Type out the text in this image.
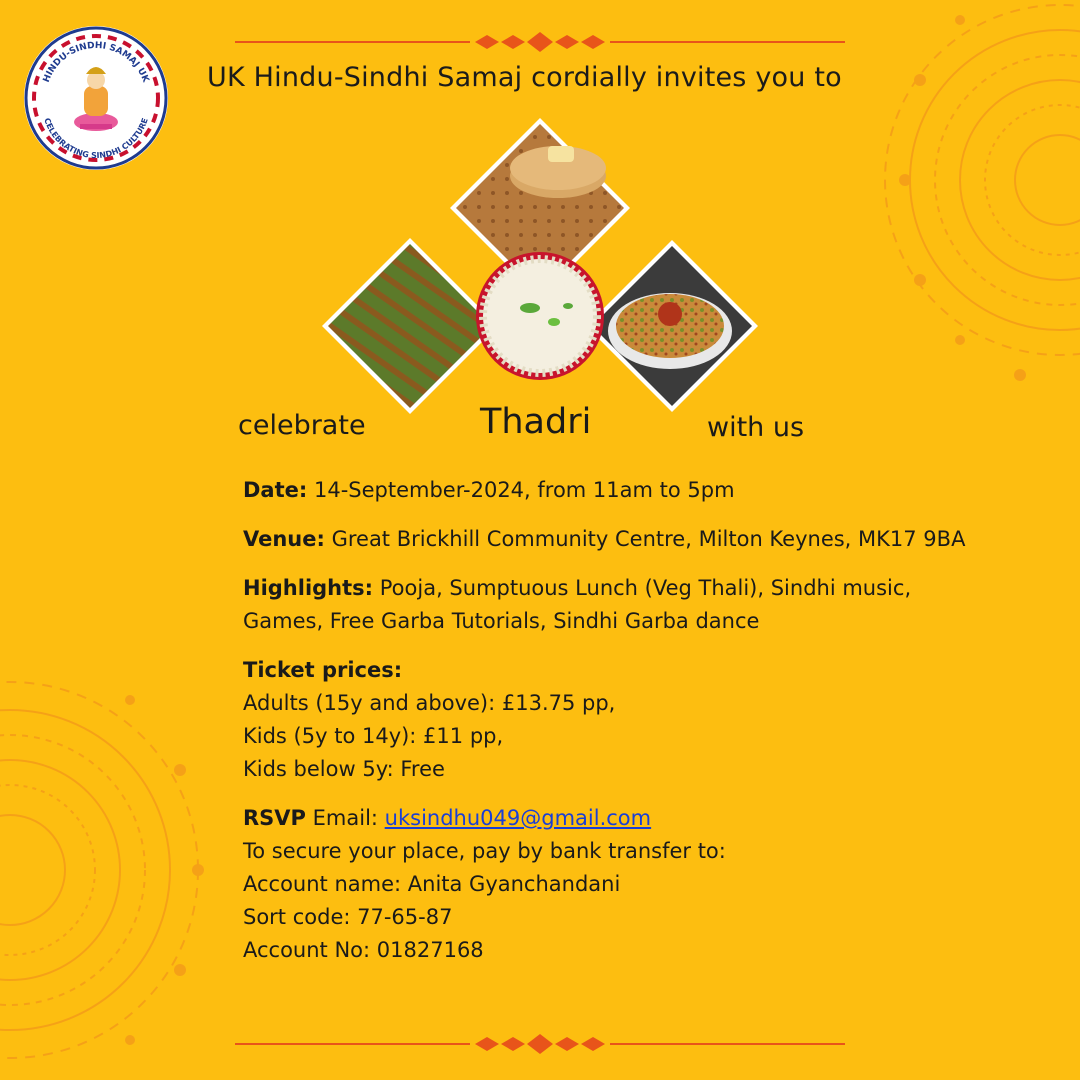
HINDU-SINDHI SAMAJ UK
CELEBRATING SINDHI CULTURE
UK Hindu-Sindhi Samaj cordially invites you to
celebrate	Thadri	with us

Date: 14-September-2024, from 11am to 5pm

Venue: Great Brickhill Community Centre, Milton Keynes, MK17 9BA

Highlights: Pooja, Sumptuous Lunch (Veg Thali), Sindhi music,

Games, Free Garba Tutorials, Sindhi Garba dance

Ticket prices:

Adults (15y and above): £13.75 pp,

Kids (5y to 14y): £11 pp,

Kids below 5y: Free

RSVP Email: uksindhu049@gmail.com

To secure your place, pay by bank transfer to:

Account name: Anita Gyanchandani

Sort code: 77-65-87

Account No: 01827168
